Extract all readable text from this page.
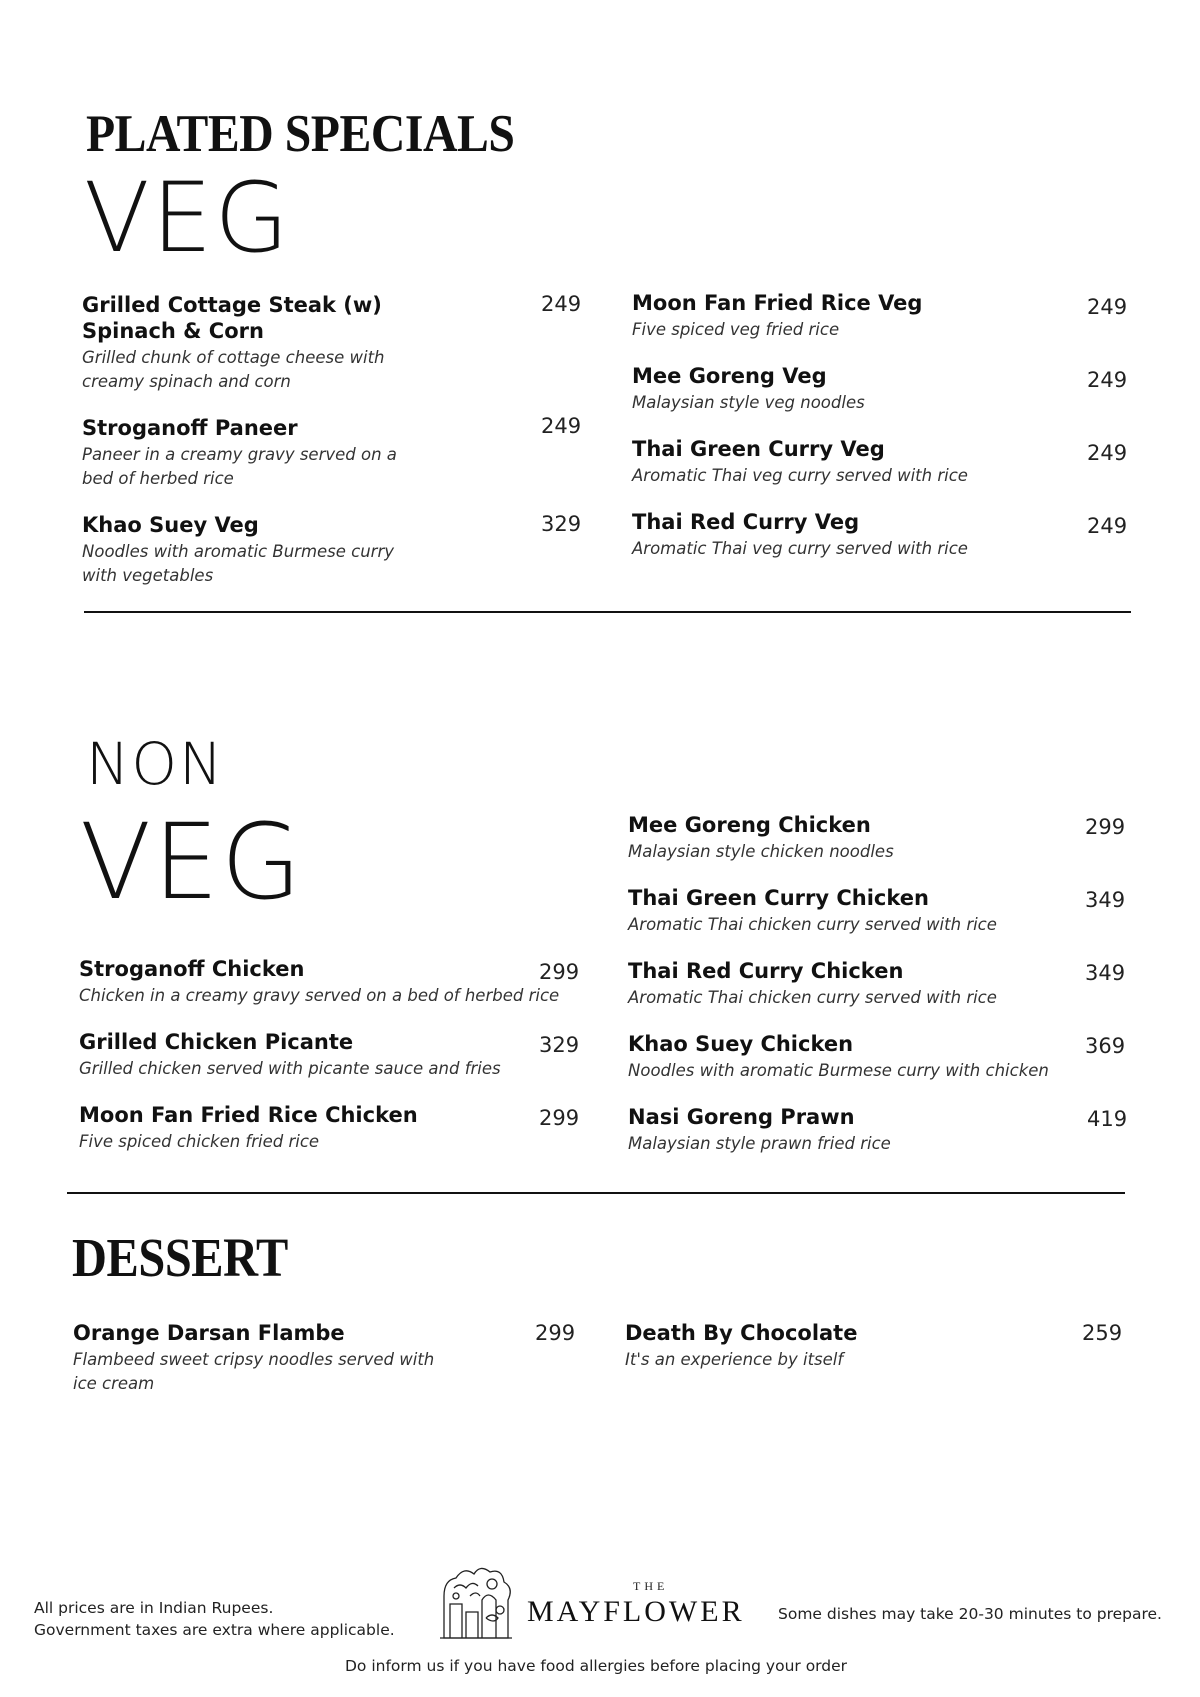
PLATED SPECIALS
VEG
Grilled Cottage Steak (w) Spinach & Corn
Grilled chunk of cottage cheese with creamy spinach and corn
249
Stroganoff Paneer
Paneer in a creamy gravy served on a bed of herbed rice
249
Khao Suey Veg
Noodles with aromatic Burmese curry with vegetables
329
Moon Fan Fried Rice Veg
Five spiced veg fried rice
249
Mee Goreng Veg
Malaysian style veg noodles
249
Thai Green Curry Veg
Aromatic Thai veg curry served with rice
249
Thai Red Curry Veg
Aromatic Thai veg curry served with rice
249
NON
VEG
Stroganoff Chicken
Chicken in a creamy gravy served on a bed of herbed rice
299
Grilled Chicken Picante
Grilled chicken served with picante sauce and fries
329
Moon Fan Fried Rice Chicken
Five spiced chicken fried rice
299
Mee Goreng Chicken
Malaysian style chicken noodles
299
Thai Green Curry Chicken
Aromatic Thai chicken curry served with rice
349
Thai Red Curry Chicken
Aromatic Thai chicken curry served with rice
349
Khao Suey Chicken
Noodles with aromatic Burmese curry with chicken
369
Nasi Goreng Prawn
Malaysian style prawn fried rice
419
DESSERT
Orange Darsan Flambe
Flambeed sweet cripsy noodles served with ice cream
299 Death By Chocolate
It's an experience by itself
259
All prices are in Indian Rupees.
Government taxes are extra where applicable.
THE
MAYFLOWER Some dishes may take 20-30 minutes to prepare.
Do inform us if you have food allergies before placing your order
